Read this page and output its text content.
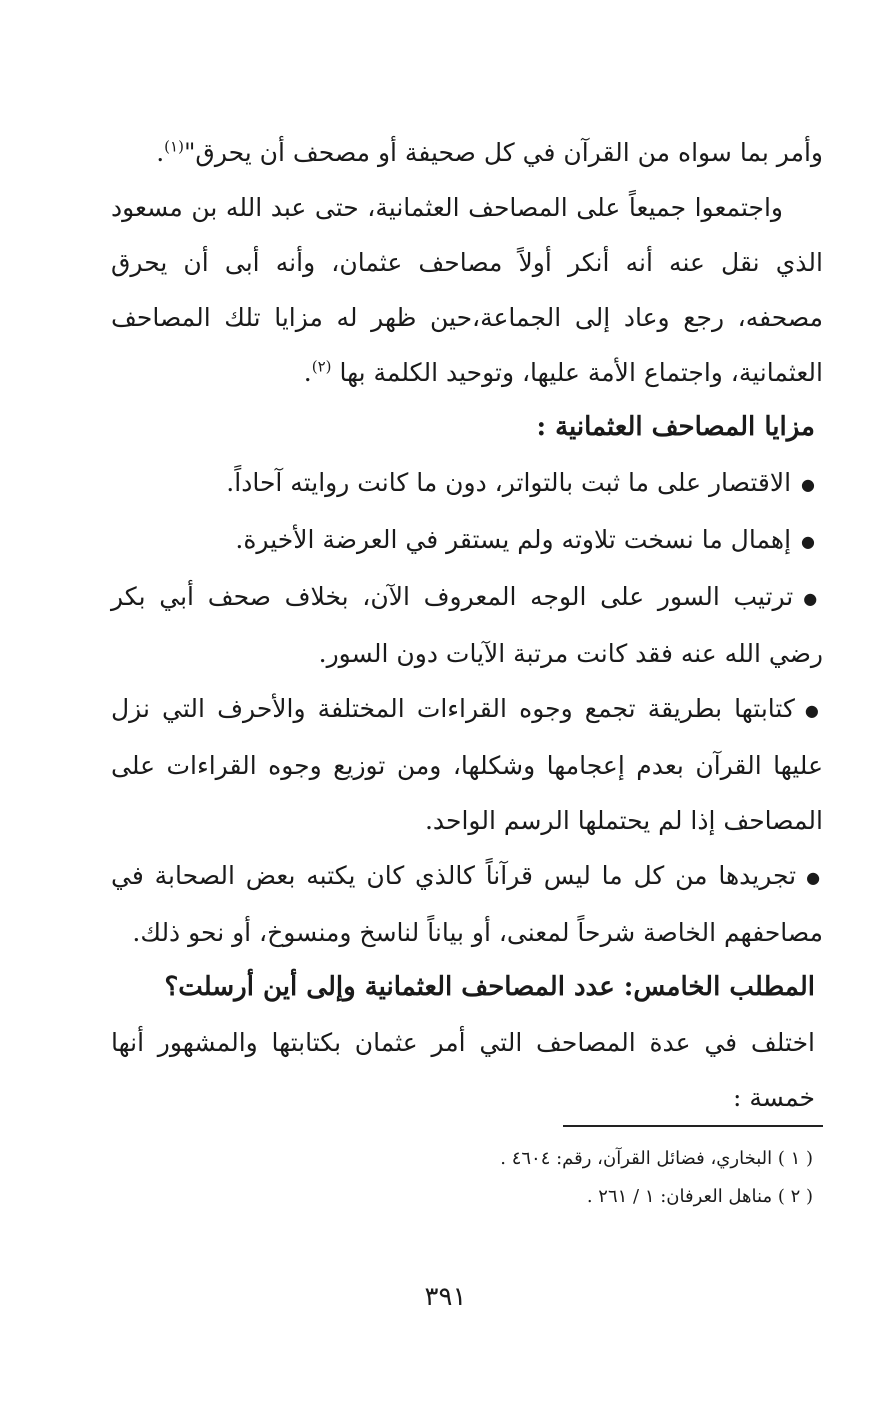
وأمر بما سواه من القرآن في كل صحيفة أو مصحف أن يحرق"$^{(١)}$.

واجتمعوا جميعاً على المصاحف العثمانية، حتى عبد الله بن مسعود الذي نقل عنه أنه أنكر أولاً مصاحف عثمان، وأنه أبى أن يحرق مصحفه، رجع وعاد إلى الجماعة،حين ظهر له مزايا تلك المصاحف العثمانية، واجتماع الأمة عليها، وتوحيد الكلمة بها $^{(٢)}$.

مزايا المصاحف العثمانية :

● الاقتصار على ما ثبت بالتواتر، دون ما كانت روايته آحاداً.

● إهمال ما نسخت تلاوته ولم يستقر في العرضة الأخيرة.

● ترتيب السور على الوجه المعروف الآن، بخلاف صحف أبي بكر رضي الله عنه فقد كانت مرتبة الآيات دون السور.

● كتابتها بطريقة تجمع وجوه القراءات المختلفة والأحرف التي نزل عليها القرآن بعدم إعجامها وشكلها، ومن توزيع وجوه القراءات على المصاحف إذا لم يحتملها الرسم الواحد.

● تجريدها من كل ما ليس قرآناً كالذي كان يكتبه بعض الصحابة في مصاحفهم الخاصة شرحاً لمعنى، أو بياناً لناسخ ومنسوخ، أو نحو ذلك.

المطلب الخامس: عدد المصاحف العثمانية وإلى أين أرسلت؟

اختلف في عدة المصاحف التي أمر عثمان بكتابتها والمشهور أنها خمسة :

( ١ ) البخاري، فضائل القرآن، رقم: ٤٦٠٤ .

( ٢ ) مناهل العرفان: ١ / ٢٦١ .

٣٩١
